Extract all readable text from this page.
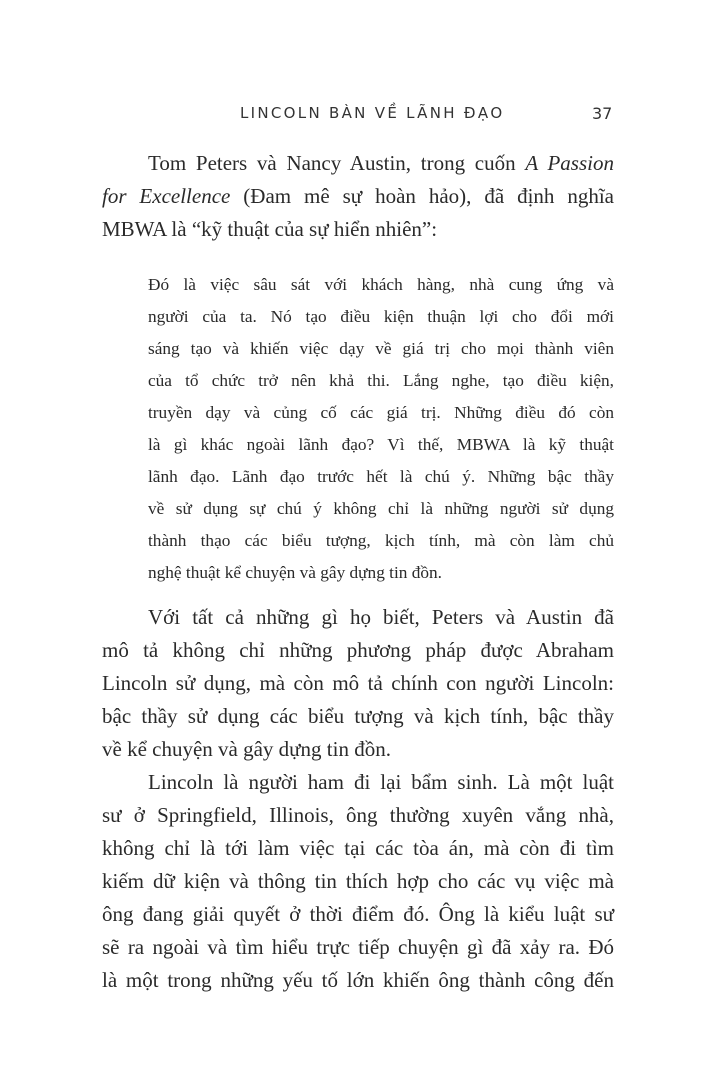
LINCOLN BÀN VỀ LÃNH ĐẠO	37
Tom Peters và Nancy Austin, trong cuốn A Passion
for Excellence (Đam mê sự hoàn hảo), đã định nghĩa
MBWA là “kỹ thuật của sự hiển nhiên”:
Đó là việc sâu sát với khách hàng, nhà cung ứng và
người của ta. Nó tạo điều kiện thuận lợi cho đổi mới
sáng tạo và khiến việc dạy về giá trị cho mọi thành viên
của tổ chức trở nên khả thi. Lắng nghe, tạo điều kiện,
truyền dạy và củng cố các giá trị. Những điều đó còn
là gì khác ngoài lãnh đạo? Vì thế, MBWA là kỹ thuật
lãnh đạo. Lãnh đạo trước hết là chú ý. Những bậc thầy
về sử dụng sự chú ý không chỉ là những người sử dụng
thành thạo các biểu tượng, kịch tính, mà còn làm chủ
nghệ thuật kể chuyện và gây dựng tin đồn.
Với tất cả những gì họ biết, Peters và Austin đã
mô tả không chỉ những phương pháp được Abraham
Lincoln sử dụng, mà còn mô tả chính con người Lincoln:
bậc thầy sử dụng các biểu tượng và kịch tính, bậc thầy
về kể chuyện và gây dựng tin đồn.
Lincoln là người ham đi lại bẩm sinh. Là một luật
sư ở Springfield, Illinois, ông thường xuyên vắng nhà,
không chỉ là tới làm việc tại các tòa án, mà còn đi tìm
kiếm dữ kiện và thông tin thích hợp cho các vụ việc mà
ông đang giải quyết ở thời điểm đó. Ông là kiểu luật sư
sẽ ra ngoài và tìm hiểu trực tiếp chuyện gì đã xảy ra. Đó
là một trong những yếu tố lớn khiến ông thành công đến
